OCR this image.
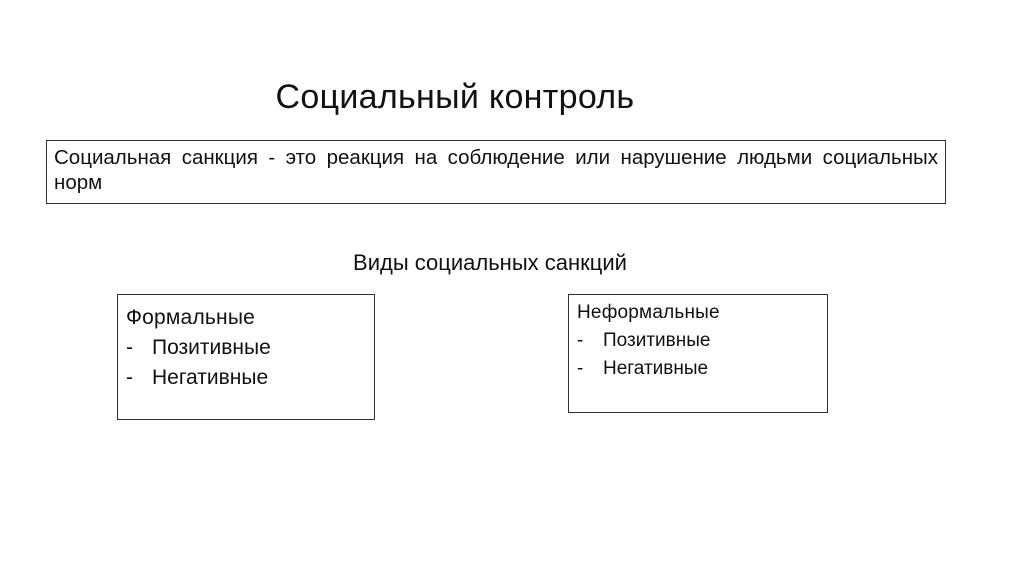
Социальный контроль
Социальная санкция - это реакция на соблюдение или нарушение людьми социальных норм
Виды социальных санкций
Формальные
- Позитивные
- Негативные
Неформальные
-	Позитивные
-	Негативные
